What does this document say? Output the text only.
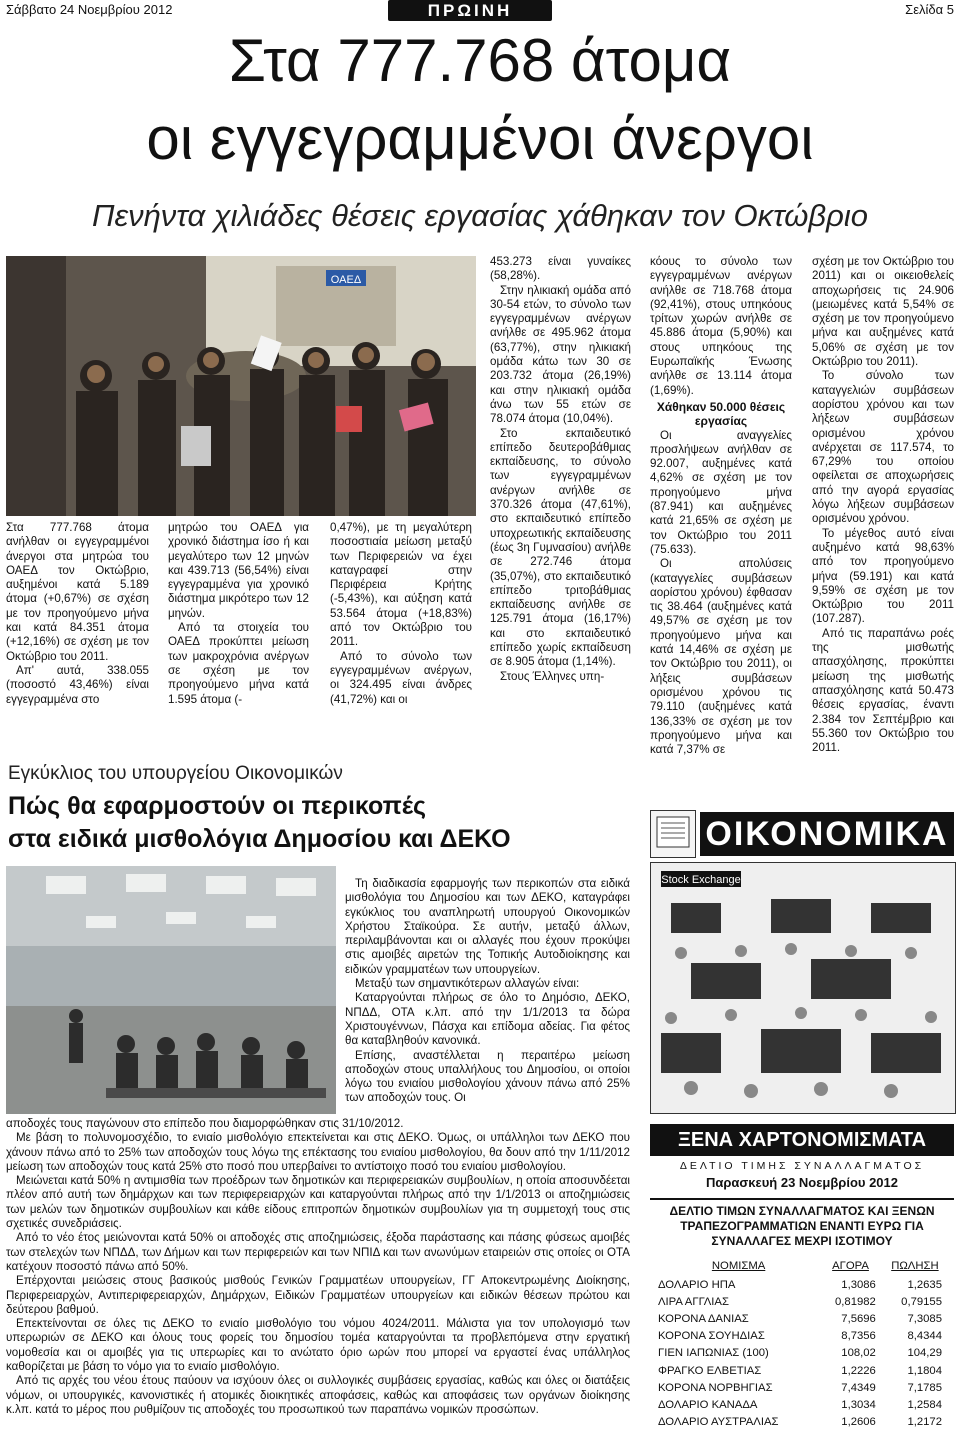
Σάββατο 24 Νοεμβρίου 2012	ΠΡΩΙΝΗ	Σελίδα 5
Στα 777.768 άτομα
οι εγγεγραμμένοι άνεργοι
Πενήντα χιλιάδες θέσεις εργασίας χάθηκαν τον Οκτώβριο
ΟΑΕΔ

Στα 777.768 άτομα ανήλθαν οι εγγεγραμμένοι άνεργοι στα μητρώα του ΟΑΕΔ τον Οκτώβριο, αυξημένοι κατά 5.189 άτομα (+0,67%) σε σχέση με τον προηγούμενο μήνα και κατά 84.351 άτομα (+12,16%) σε σχέση με τον Οκτώβριο του 2011.

Απ' αυτά, 338.055 (ποσοστό 43,46%) είναι εγγεγραμμένα στο

μητρώο του ΟΑΕΔ για χρονικό διάστημα ίσο ή και μεγαλύτερο των 12 μηνών και 439.713 (56,54%) είναι εγγεγραμμένα για χρονικό διάστημα μικρότερο των 12 μηνών.

Από τα στοιχεία του ΟΑΕΔ προκύπτει μείωση των μακροχρόνια ανέργων σε σχέση με τον προηγούμενο μήνα κατά 1.595 άτομα (-

0,47%), με τη μεγαλύτερη ποσοστιαία μείωση μεταξύ των Περιφερειών να έχει καταγραφεί στην Περιφέρεια Κρήτης (-5,43%), και αύξηση κατά 53.564 άτομα (+18,83%) από τον Οκτώβριο του 2011.

Από το σύνολο των εγγεγραμμένων ανέργων, οι 324.495 είναι άνδρες (41,72%) και οι

453.273 είναι γυναίκες (58,28%).

Στην ηλικιακή ομάδα από 30-54 ετών, το σύνολο των εγγεγραμμένων ανέργων ανήλθε σε 495.962 άτομα (63,77%), στην ηλικιακή ομάδα κάτω των 30 σε 203.732 άτομα (26,19%) και στην ηλικιακή ομάδα άνω των 55 ετών σε 78.074 άτομα (10,04%).

Στο εκπαιδευτικό επίπεδο δευτεροβάθμιας εκπαίδευσης, το σύνολο των εγγεγραμμένων ανέργων ανήλθε σε 370.326 άτομα (47,61%), στο εκπαιδευτικό επίπεδο υποχρεωτικής εκπαίδευσης (έως 3η Γυμνασίου) ανήλθε σε 272.746 άτομα (35,07%), στο εκπαιδευτικό επίπεδο τριτοβάθμιας εκπαίδευσης ανήλθε σε 125.791 άτομα (16,17%) και στο εκπαιδευτικό επίπεδο χωρίς εκπαίδευση σε 8.905 άτομα (1,14%).

Στους Έλληνες υπη-

κόους το σύνολο των εγγεγραμμένων ανέργων ανήλθε σε 718.768 άτομα (92,41%), στους υπηκόους τρίτων χωρών ανήλθε σε 45.886 άτομα (5,90%) και στους υπηκόους της Ευρωπαϊκής Ένωσης ανήλθε σε 13.114 άτομα (1,69%).

Χάθηκαν 50.000 θέσεις εργασίας

Οι αναγγελίες προσλήψεων ανήλθαν σε 92.007, αυξημένες κατά 4,62% σε σχέση με τον προηγούμενο μήνα (87.941) και αυξημένες κατά 21,65% σε σχέση με τον Οκτώβριο του 2011 (75.633).

Οι απολύσεις (καταγγελίες συμβάσεων αορίστου χρόνου) έφθασαν τις 38.464 (αυξημένες κατά 49,57% σε σχέση με τον προηγούμενο μήνα και κατά 14,46% σε σχέση με τον Οκτώβριο του 2011), οι λήξεις συμβάσεων ορισμένου χρόνου τις 79.110 (αυξημένες κατά 136,33% σε σχέση με τον προηγούμενο μήνα και κατά 7,37% σε

σχέση με τον Οκτώβριο του 2011) και οι οικειοθελείς αποχωρήσεις τις 24.906 (μειωμένες κατά 5,54% σε σχέση με τον προηγούμενο μήνα και αυξημένες κατά 5,06% σε σχέση με τον Οκτώβριο του 2011).

Το σύνολο των καταγγελιών συμβάσεων αορίστου χρόνου και των λήξεων συμβάσεων ορισμένου χρόνου ανέρχεται σε 117.574, το 67,29% του οποίου οφείλεται σε αποχωρήσεις από την αγορά εργασίας λόγω λήξεων συμβάσεων ορισμένου χρόνου.

Το μέγεθος αυτό είναι αυξημένο κατά 98,63% από τον προηγούμενο μήνα (59.191) και κατά 9,59% σε σχέση με τον Οκτώβριο του 2011 (107.287).

Από τις παραπάνω ροές της μισθωτής απασχόλησης, προκύπτει μείωση της μισθωτής απασχόλησης κατά 50.473 θέσεις εργασίας, έναντι 2.384 τον Σεπτέμβριο και 55.360 τον Οκτώβριο του 2011.

Εγκύκλιος του υπουργείου Οικονομικών
Πώς θα εφαρμοστούν οι περικοπές
στα ειδικά μισθολόγια Δημοσίου και ΔΕΚΟ

Τη διαδικασία εφαρμογής των περικοπών στα ειδικά μισθολόγια του Δημοσίου και των ΔΕΚΟ, καταγράφει εγκύκλιος του αναπληρωτή υπουργού Οικονομικών Χρήστου Σταϊκούρα. Σε αυτήν, μεταξύ άλλων, περιλαμβάνονται και οι αλλαγές που έχουν προκύψει στις αμοιβές αιρετών της Τοπικής Αυτοδιοίκησης και ειδικών γραμματέων των υπουργείων.

Μεταξύ των σημαντικότερων αλλαγών είναι:

Καταργούνται πλήρως σε όλο το Δημόσιο, ΔΕΚΟ, ΝΠΔΔ, ΟΤΑ κ.λπ. από την 1/1/2013 τα δώρα Χριστουγέννων, Πάσχα και επίδομα αδείας. Για φέτος θα καταβληθούν κανονικά.

Επίσης, αναστέλλεται η περαιτέρω μείωση αποδοχών στους υπαλλήλους του Δημοσίου, οι οποίοι λόγω του ενιαίου μισθολογίου χάνουν πάνω από 25% των αποδοχών τους. Οι

αποδοχές τους παγώνουν στο επίπεδο που διαμορφώθηκαν στις 31/10/2012.

Με βάση το πολυνομοσχέδιο, το ενιαίο μισθολόγιο επεκτείνεται και στις ΔΕΚΟ. Όμως, οι υπάλληλοι των ΔΕΚΟ που χάνουν πάνω από το 25% των αποδοχών τους λόγω της επέκτασης του ενιαίου μισθολογίου, θα δουν από την 1/11/2012 μείωση των αποδοχών τους κατά 25% στο ποσό που υπερβαίνει το αντίστοιχο ποσό του ενιαίου μισθολογίου.

Μειώνεται κατά 50% η αντιμισθία των προέδρων των δημοτικών και περιφερειακών συμβουλίων, η οποία αποσυνδέεται πλέον από αυτή των δημάρχων και των περιφερειαρχών και καταργούνται πλήρως από την 1/1/2013 οι αποζημιώσεις των μελών των δημοτικών συμβουλίων και κάθε είδους επιτροπών δημοτικών συμβουλίων για τη συμμετοχή τους στις σχετικές συνεδριάσεις.

Από το νέο έτος μειώνονται κατά 50% οι αποδοχές στις αποζημιώσεις, έξοδα παράστασης και πάσης φύσεως αμοιβές των στελεχών των ΝΠΔΔ, των Δήμων και των περιφερειών και των ΝΠΙΔ και των ανωνύμων εταιρειών στις οποίες οι ΟΤΑ κατέχουν ποσοστό πάνω από 50%.

Επέρχονται μειώσεις στους βασικούς μισθούς Γενικών Γραμματέων υπουργείων, ΓΓ Αποκεντρωμένης Διοίκησης, Περιφερειαρχών, Αντιπεριφερειαρχών, Δημάρχων, Ειδικών Γραμματέων υπουργείων και ειδικών θέσεων πρώτου και δεύτερου βαθμού.

Επεκτείνονται σε όλες τις ΔΕΚΟ το ενιαίο μισθολόγιο του νόμου 4024/2011. Μάλιστα για τον υπολογισμό των υπερωριών σε ΔΕΚΟ και όλους τους φορείς του δημοσίου τομέα καταργούνται τα προβλεπόμενα στην εργατική νομοθεσία και οι αμοιβές για τις υπερωρίες και το ανώτατο όριο ωρών που μπορεί να εργαστεί ένας υπάλληλος καθορίζεται με βάση το νόμο για το ενιαίο μισθολόγιο.

Από τις αρχές του νέου έτους παύουν να ισχύουν όλες οι συλλογικές συμβάσεις εργασίας, καθώς και όλες οι διατάξεις νόμων, οι υπουργικές, κανονιστικές ή ατομικές διοικητικές αποφάσεις, καθώς και αποφάσεις των οργάνων διοίκησης κ.λπ. κατά το μέρος που ρυθμίζουν τις αποδοχές του προσωπικού των παραπάνω νομικών προσώπων.

ΟΙΚΟΝΟΜΙΚΑ
Stock Exchange
ΞΕΝΑ ΧΑΡΤΟΝΟΜΙΣΜΑΤΑ
ΔΕΛΤΙΟ ΤΙΜΗΣ ΣΥΝΑΛΛΑΓΜΑΤΟΣ
Παρασκευή 23 Νοεμβρίου 2012
ΔΕΛΤΙΟ ΤΙΜΩΝ ΣΥΝΑΛΛΑΓΜΑΤΟΣ ΚΑΙ ΞΕΝΩΝ ΤΡΑΠΕΖΟΓΡΑΜΜΑΤΙΩΝ ΕΝΑΝΤΙ ΕΥΡΩ ΓΙΑ ΣΥΝΑΛΛΑΓΕΣ ΜΕΧΡΙ ΙΣΟΤΙΜΟΥ
ΝΟΜΙΣΜΑ	ΑΓΟΡΑ	ΠΩΛΗΣΗ
ΔΟΛΑΡΙΟ ΗΠΑ	1,3086	1,2635
ΛΙΡΑ ΑΓΓΛΙΑΣ	0,81982	0,79155
ΚΟΡΟΝΑ ΔΑΝΙΑΣ	7,5696	7,3085
ΚΟΡΟΝΑ ΣΟΥΗΔΙΑΣ	8,7356	8,4344
ΓΙΕΝ ΙΑΠΩΝΙΑΣ (100)	108,02	104,29
ΦΡΑΓΚΟ ΕΛΒΕΤΙΑΣ	1,2226	1,1804
ΚΟΡΟΝΑ ΝΟΡΒΗΓΙΑΣ	7,4349	7,1785
ΔΟΛΑΡΙΟ ΚΑΝΑΔΑ	1,3034	1,2584
ΔΟΛΑΡΙΟ ΑΥΣΤΡΑΛΙΑΣ	1,2606	1,2172
